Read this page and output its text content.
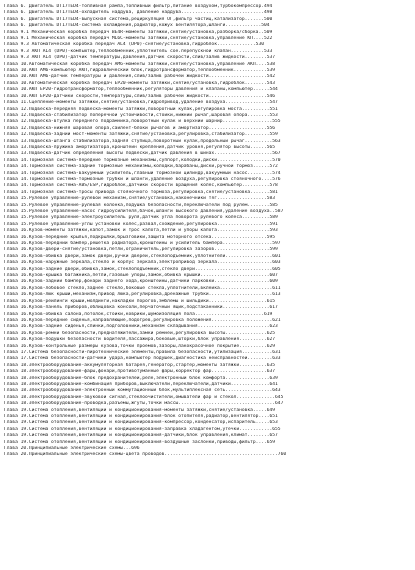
Глава 6. Двигатель DT17TED4-топливная рампа,топливный фильтр,питание воздухом,турбокомпрессор.494
Глава 6. Двигатель DT17TED4-охладитель наддува, давление наддува..............................498
Глава 6. Двигатель DT17TED4-выпускная система,рециркуляция ОГ,фильтр частиц,катализатор.......500
Глава 6. Двигатель DT17TED4-система охлаждения,радиатор,кожух вентилятора,шланги.............504
Глава 9.1 Механическая коробка передач BE4R-моменты затяжки,снятие/установка,разборка/сборка..509
Глава 9.1 Механическая коробка передач ML6C-моменты затяжки,снятие/установка,управление КП....522
Глава 9.3 Автоматическая коробка передач AL4 (DP0)-снятие/установка,гидроблок..............530
Глава 9.3 АКП AL4 (DP0)-компьютер,теплообменник,уплотнитель сое.перепускной клапан............533
Глава 9.3 АКП AL4 (DP0)-датчик температуры,давления,датчик скорости,слив/залив жидкости........537
Глава 10.Автоматическая коробка передач AM6-моменты затяжки,снятие/установка,управление АКП....538
Глава 10.АКП AM6-компьютер АКП,гидравлический блок,гидротрансформатор,теплообменник............539
Глава 10.АКП AM6-датчик температуры и давления,слив/залив рабочей жидкости.....................542
Глава 10.Автоматическая коробка передач EP20-моменты затяжки,снятие/установка,гидроблок........543
Глава 10.АКП EP20-гидротрансформатор,теплообменник,регуляторы давления и клапаны,компьютер......544
Глава 10.АКП EP20-датчики скорости,температуры,слив/залив рабочей жидкости.....................546
Глава 11.Сцепление-моменты затяжки,снятие/установка,гидропривод,удаление воздуха................547
Глава 12.Подвеска-передняя подвеска-моменты затяжки,поворотный кулак,регулировка моста..........551
Глава 12.Подвеска-стабилизатор поперечной устойчивости,стойки,нижний рычаг,шаровая опора........553
Глава 12.Подвеска-втулка переднего подрамника,поворотный кулак и верхний шарнир..................555
Глава 12.Подвеска-нижняя шаровая опора,сайлент-блоки рычагов и амортизатор.....................556
Глава 12.Подвеска-задний мост-моменты затяжки,снятие/установка,регулировка,стабилизатор.........559
Глава 13.Подвеска-штанга стабилизатора,задняя ступица,поворотный кулак,продольный рычаг..........563
Глава 13.Подвеска-пружина амортизатора,кронштейн крепления,датчик уровня,регулятор высоты......565
Глава 13.Подвеска-датчик определения высоты подвески,датчик давления в шинах.....................567
Глава 14.Тормозная система-передние тормозные механизмы,суппорт,колодки,диски....................570
Глава 14.Тормозная система-задние тормозные механизмы,колодки,барабаны,диски,ручной тормоз......572
Глава 14.Тормозная система-вакуумный усилитель,главный тормозной цилиндр,вакуумный насос.........574
Глава 14.Тормозная система-тормозные трубки и шланги,удаление воздуха,регулировка стояночного....576
Глава 14.Тормозная система-ABS/ESP,гидроблок,датчики скорости вращения колес,компьютер..........578
Глава 14.Тормозная система-тросы привода стояночного тормоза,регулировка,снятие/установка.......581
Глава 15.Рулевое управление-рулевой механизм,снятие/установка,наконечники тяг..................583
Глава 15.Рулевое управление-рулевая колонка,подушка безопасности,переключатели под рулем........585
Глава 15.Рулевое управление-насос гидроусилителя,бачок,шланги высокого давления,удаление воздуха..587
Глава 15.Рулевое управление-электроусилитель руля,датчик угла поворота рулевого колеса..........589
Глава 15.Рулевое управление-углы установки колес,развал,схождение,регулировка...................591
Глава 16.Кузов-моменты затяжки,капот,замок и трос капота,петли и упоры капота...................593
Глава 16.Кузов-передние крылья,подкрылки,брызговики,защита моторного отсека....................595
Глава 16.Кузов-передний бампер,решетка радиатора,кронштейны и усилитель бампера..................597
Глава 16.Кузов-двери-снятие/установка,петли,ограничитель,регулировка зазоров....................599
Глава 16.Кузов-обивка двери,замок двери,ручки дверей,стеклоподъемник,уплотнители.................601
Глава 16.Кузов-наружные зеркала,стекло и корпус зеркала,электропривод зеркала....................603
Глава 16.Кузов-задние двери,обивка,замок,стеклоподъемник,стекло двери............................605
Глава 16.Кузов-крышка багажника,петли,газовые упоры,замок,обивка крышки.........................607
Глава 16.Кузов-задний бампер,фонари заднего хода,кронштейны,датчики парковки....................609
Глава 16.Кузов-лобовое стекло,заднее стекло,боковые стекла,уплотнители,вклейка...................611
Глава 16.Кузов-люк крыши,механизм,привод люка,регулировка,дренажные трубки.......................613
Глава 16.Кузов-рейлинги крыши,молдинги,накладки порогов,эмблемы и шильдики.....................615
Глава 16.Кузов-панель приборов,облицовка консоли,перчаточный ящик,подстаканники.................617
Глава 16.Кузов-обивка салона,потолок,стойки,коврики,шумоизоляция пола.........................619
Глава 16.Кузов-передние сиденья,направляющие,подогрев,регулировка положения......................621
Глава 16.Кузов-задние сиденья,спинки,подголовники,механизм складывания..........................623
Глава 16.Кузов-ремни безопасности,преднатяжители,замки ремней,регулировка высоты...............625
Глава 16.Кузов-подушки безопасности водителя,пассажира,боковые,шторки,блок управления..........627
Глава 16.Кузов-контрольные размеры кузова,точки проемов,зазоры,лакокрасочное покрытие..........629
Глава 17.Система безопасности-пиротехнические элементы,правила безопасности,утилизация...........631
Глава 17.Система безопасности-датчики удара,компьютер подушек,диагностика неисправностей.........633
Глава 18.Электрооборудование-аккумуляторная батарея,генератор,стартер,моменты затяжки..........635
Глава 18.Электрооборудование-фары,фонари,противотуманные фары,корректор фар....................637
Глава 18.Электрооборудование-блок предохранителей,реле,электронный блок комфорта................639
Глава 18.Электрооборудование-комбинация приборов,выключатели,переключатели,датчики..............641
Глава 18.Электрооборудование-электронный коммутационный блок,мультиплексная сеть.................643
Глава 18.Электрооборудование-звуковой сигнал,стеклоочистители,омыватели фар и стекол..............645
Глава 18.Электрооборудование-проводка,разъемы,жгуты,точки массы...................................647
Глава 19.Система отопления,вентиляции и кондиционирования-моменты затяжки,снятие/установка.....649
Глава 19.Система отопления,вентиляции и кондиционирования-блок отопителя,радиатор,вентилятор....651
Глава 19.Система отопления,вентиляции и кондиционирования-компрессор,конденсатор,испаритель.....653
Глава 19.Система отопления,вентиляции и кондиционирования-заправка хладагентом,утечки............655
Глава 19.Система отопления,вентиляции и кондиционирования-датчики,блок управления,климат........657
Глава 19.Система отопления,вентиляции и кондиционирования-воздушные заслонки,приводы,фильтр....659
Глава 20.Принципиальные электрические схемы...696
Глава 20.Принципиальные электрические схемы-цвета проводов.........................................760
